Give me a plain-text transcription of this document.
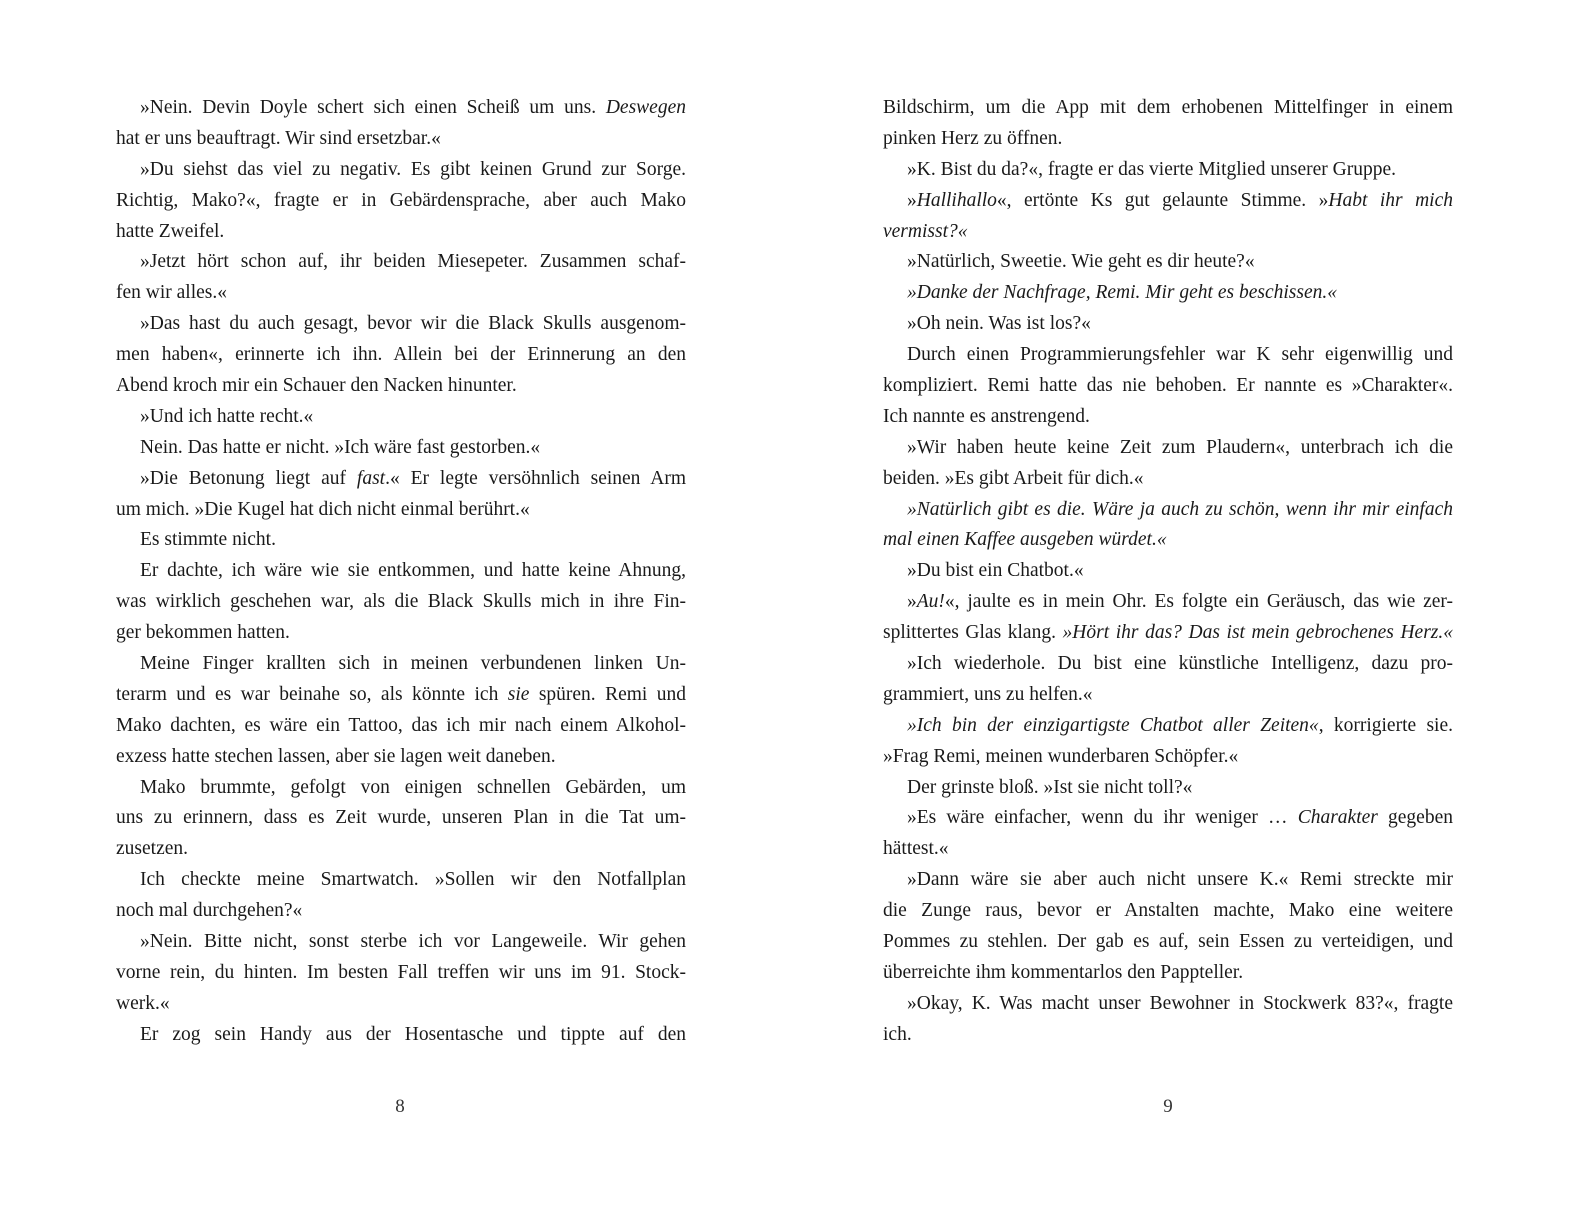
»Nein. Devin Doyle schert sich einen Scheiß um uns. Deswegen
hat er uns beauftragt. Wir sind ersetzbar.«
»Du siehst das viel zu negativ. Es gibt keinen Grund zur Sorge.
Richtig, Mako?«, fragte er in Gebärdensprache, aber auch Mako
hatte Zweifel.
»Jetzt hört schon auf, ihr beiden Miesepeter. Zusammen schaf-
fen wir alles.«
»Das hast du auch gesagt, bevor wir die Black Skulls ausgenom-
men haben«, erinnerte ich ihn. Allein bei der Erinnerung an den
Abend kroch mir ein Schauer den Nacken hinunter.
»Und ich hatte recht.«
Nein. Das hatte er nicht. »Ich wäre fast gestorben.«
»Die Betonung liegt auf fast.« Er legte versöhnlich seinen Arm
um mich. »Die Kugel hat dich nicht einmal berührt.«
Es stimmte nicht.
Er dachte, ich wäre wie sie entkommen, und hatte keine Ahnung,
was wirklich geschehen war, als die Black Skulls mich in ihre Fin-
ger bekommen hatten.
Meine Finger krallten sich in meinen verbundenen linken Un-
terarm und es war beinahe so, als könnte ich sie spüren. Remi und
Mako dachten, es wäre ein Tattoo, das ich mir nach einem Alkohol-
exzess hatte stechen lassen, aber sie lagen weit daneben.
Mako brummte, gefolgt von einigen schnellen Gebärden, um
uns zu erinnern, dass es Zeit wurde, unseren Plan in die Tat um-
zusetzen.
Ich checkte meine Smartwatch. »Sollen wir den Notfallplan
noch mal durchgehen?«
»Nein. Bitte nicht, sonst sterbe ich vor Langeweile. Wir gehen
vorne rein, du hinten. Im besten Fall treffen wir uns im 91. Stock-
werk.«
Er zog sein Handy aus der Hosentasche und tippte auf den
Bildschirm, um die App mit dem erhobenen Mittelfinger in einem
pinken Herz zu öffnen.
»K. Bist du da?«, fragte er das vierte Mitglied unserer Gruppe.
»Hallihallo«, ertönte Ks gut gelaunte Stimme. »Habt ihr mich
vermisst?«
»Natürlich, Sweetie. Wie geht es dir heute?«
»Danke der Nachfrage, Remi. Mir geht es beschissen.«
»Oh nein. Was ist los?«
Durch einen Programmierungsfehler war K sehr eigenwillig und
kompliziert. Remi hatte das nie behoben. Er nannte es »Charakter«.
Ich nannte es anstrengend.
»Wir haben heute keine Zeit zum Plaudern«, unterbrach ich die
beiden. »Es gibt Arbeit für dich.«
»Natürlich gibt es die. Wäre ja auch zu schön, wenn ihr mir einfach
mal einen Kaffee ausgeben würdet.«
»Du bist ein Chatbot.«
»Au!«, jaulte es in mein Ohr. Es folgte ein Geräusch, das wie zer-
splittertes Glas klang. »Hört ihr das? Das ist mein gebrochenes Herz.«
»Ich wiederhole. Du bist eine künstliche Intelligenz, dazu pro-
grammiert, uns zu helfen.«
»Ich bin der einzigartigste Chatbot aller Zeiten«, korrigierte sie.
»Frag Remi, meinen wunderbaren Schöpfer.«
Der grinste bloß. »Ist sie nicht toll?«
»Es wäre einfacher, wenn du ihr weniger … Charakter gegeben
hättest.«
»Dann wäre sie aber auch nicht unsere K.« Remi streckte mir
die Zunge raus, bevor er Anstalten machte, Mako eine weitere
Pommes zu stehlen. Der gab es auf, sein Essen zu verteidigen, und
überreichte ihm kommentarlos den Pappteller.
»Okay, K. Was macht unser Bewohner in Stockwerk 83?«, fragte
ich.
8	9
